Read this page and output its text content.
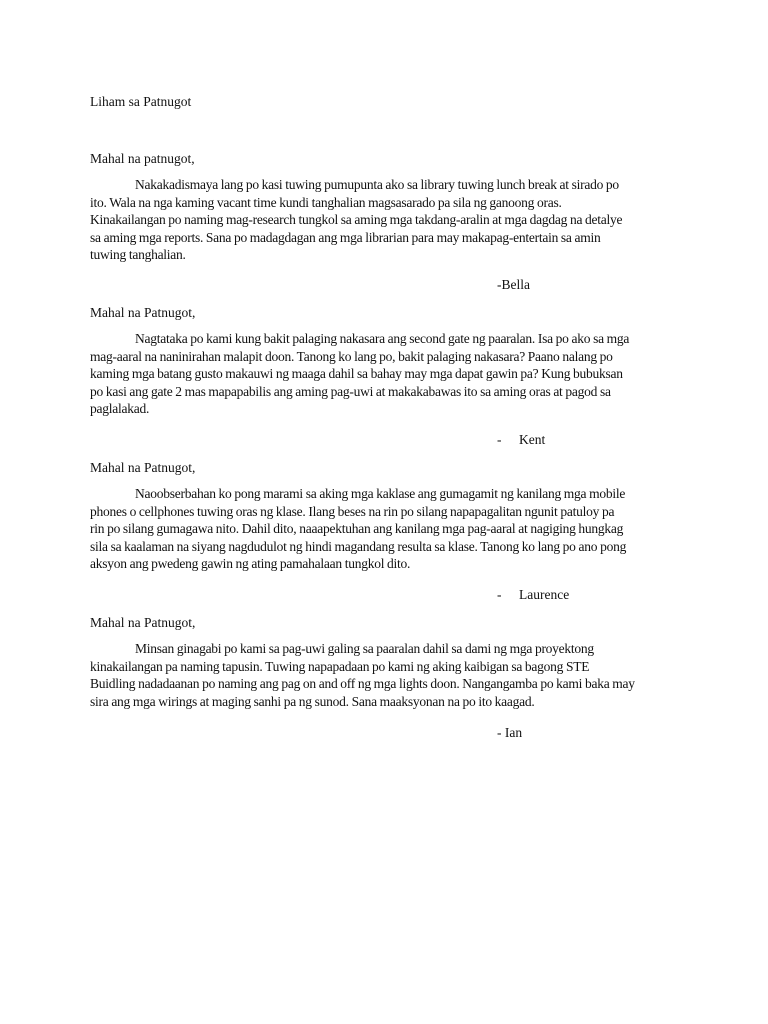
Liham sa Patnugot

Mahal na patnugot,

Nakakadismaya lang po kasi tuwing pumupunta ako sa library tuwing lunch break at sirado po
ito. Wala na nga kaming vacant time kundi tanghalian magsasarado pa sila ng ganoong oras.
Kinakailangan po naming mag-research tungkol sa aming mga takdang-aralin at mga dagdag na detalye
sa aming mga reports. Sana po madagdagan ang mga librarian para may makapag-entertain sa amin
tuwing tanghalian.

-Bella

Mahal na Patnugot,

Nagtataka po kami kung bakit palaging nakasara ang second gate ng paaralan. Isa po ako sa mga
mag-aaral na naninirahan malapit doon. Tanong ko lang po, bakit palaging nakasara? Paano nalang po
kaming mga batang gusto makauwi ng maaga dahil sa bahay may mga dapat gawin pa? Kung bubuksan
po kasi ang gate 2 mas mapapabilis ang aming pag-uwi at makakabawas ito sa aming oras at pagod sa
paglalakad.

- Kent

Mahal na Patnugot,

Naoobserbahan ko pong marami sa aking mga kaklase ang gumagamit ng kanilang mga mobile
phones o cellphones tuwing oras ng klase. Ilang beses na rin po silang napapagalitan ngunit patuloy pa
rin po silang gumagawa nito. Dahil dito, naaapektuhan ang kanilang mga pag-aaral at nagiging hungkag
sila sa kaalaman na siyang nagdudulot ng hindi magandang resulta sa klase. Tanong ko lang po ano pong
aksyon ang pwedeng gawin ng ating pamahalaan tungkol dito.

- Laurence

Mahal na Patnugot,

Minsan ginagabi po kami sa pag-uwi galing sa paaralan dahil sa dami ng mga proyektong
kinakailangan pa naming tapusin. Tuwing napapadaan po kami ng aking kaibigan sa bagong STE
Buidling nadadaanan po naming ang pag on and off ng mga lights doon. Nangangamba po kami baka may
sira ang mga wirings at maging sanhi pa ng sunod. Sana maaksyonan na po ito kaagad.

- Ian
